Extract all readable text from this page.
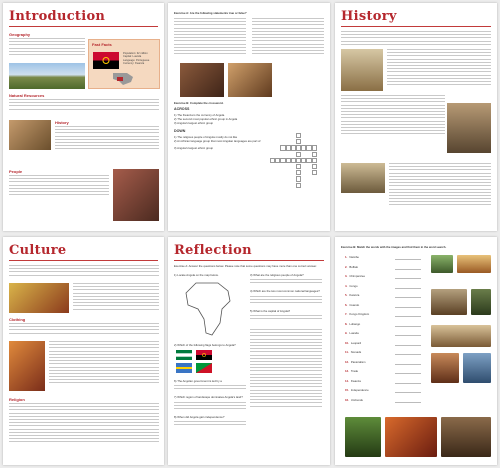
Introduction
Geography
Fast Facts
Population: 32 million
Capital: Luanda
Language: Portuguese
Currency: Kwanza
Natural Resources
History
People
Exercise A: Are the following statements true or false?
Exercise B: Complete the crossword.
ACROSS
1) The Kwanza is the currency of Angola.
2) The second most popular ethnic group in Angola
3) Angola's largest ethnic group
DOWN
1) The religious people of Angola mostly do not like
2) An African language group that most Angolan languages are part of
3) Angola's largest ethnic group
History
Culture
Clothing
Religion
Reflection
Exercise A: Answer the questions below. Please note that some questions may have more than one correct answer.
1) Locate Angola on the map below.	3) What are the religious people of Angola?
4) Which are the two most common national languages?
5) What is the capital of Angola?
2) Which of the following flags belongs to Angola?
6) The Angolan government is led by a
7) Which region of landscape dominates Angola's land?
8) When did Angola gain independence?
Exercise B: Match the words with the images and find them in the word search.
1. Namibe
2. Buffalo
3. Chimpanzee
4. Congo
5. Kwanza
6. Cuando
7. Kongo Kingdom
8. Lubango
9. Luanda
10. Leopard
11. Nomads
12. Pastoralism
13. Trade
14. Kwanza
15. Independence
16. Umbundu
